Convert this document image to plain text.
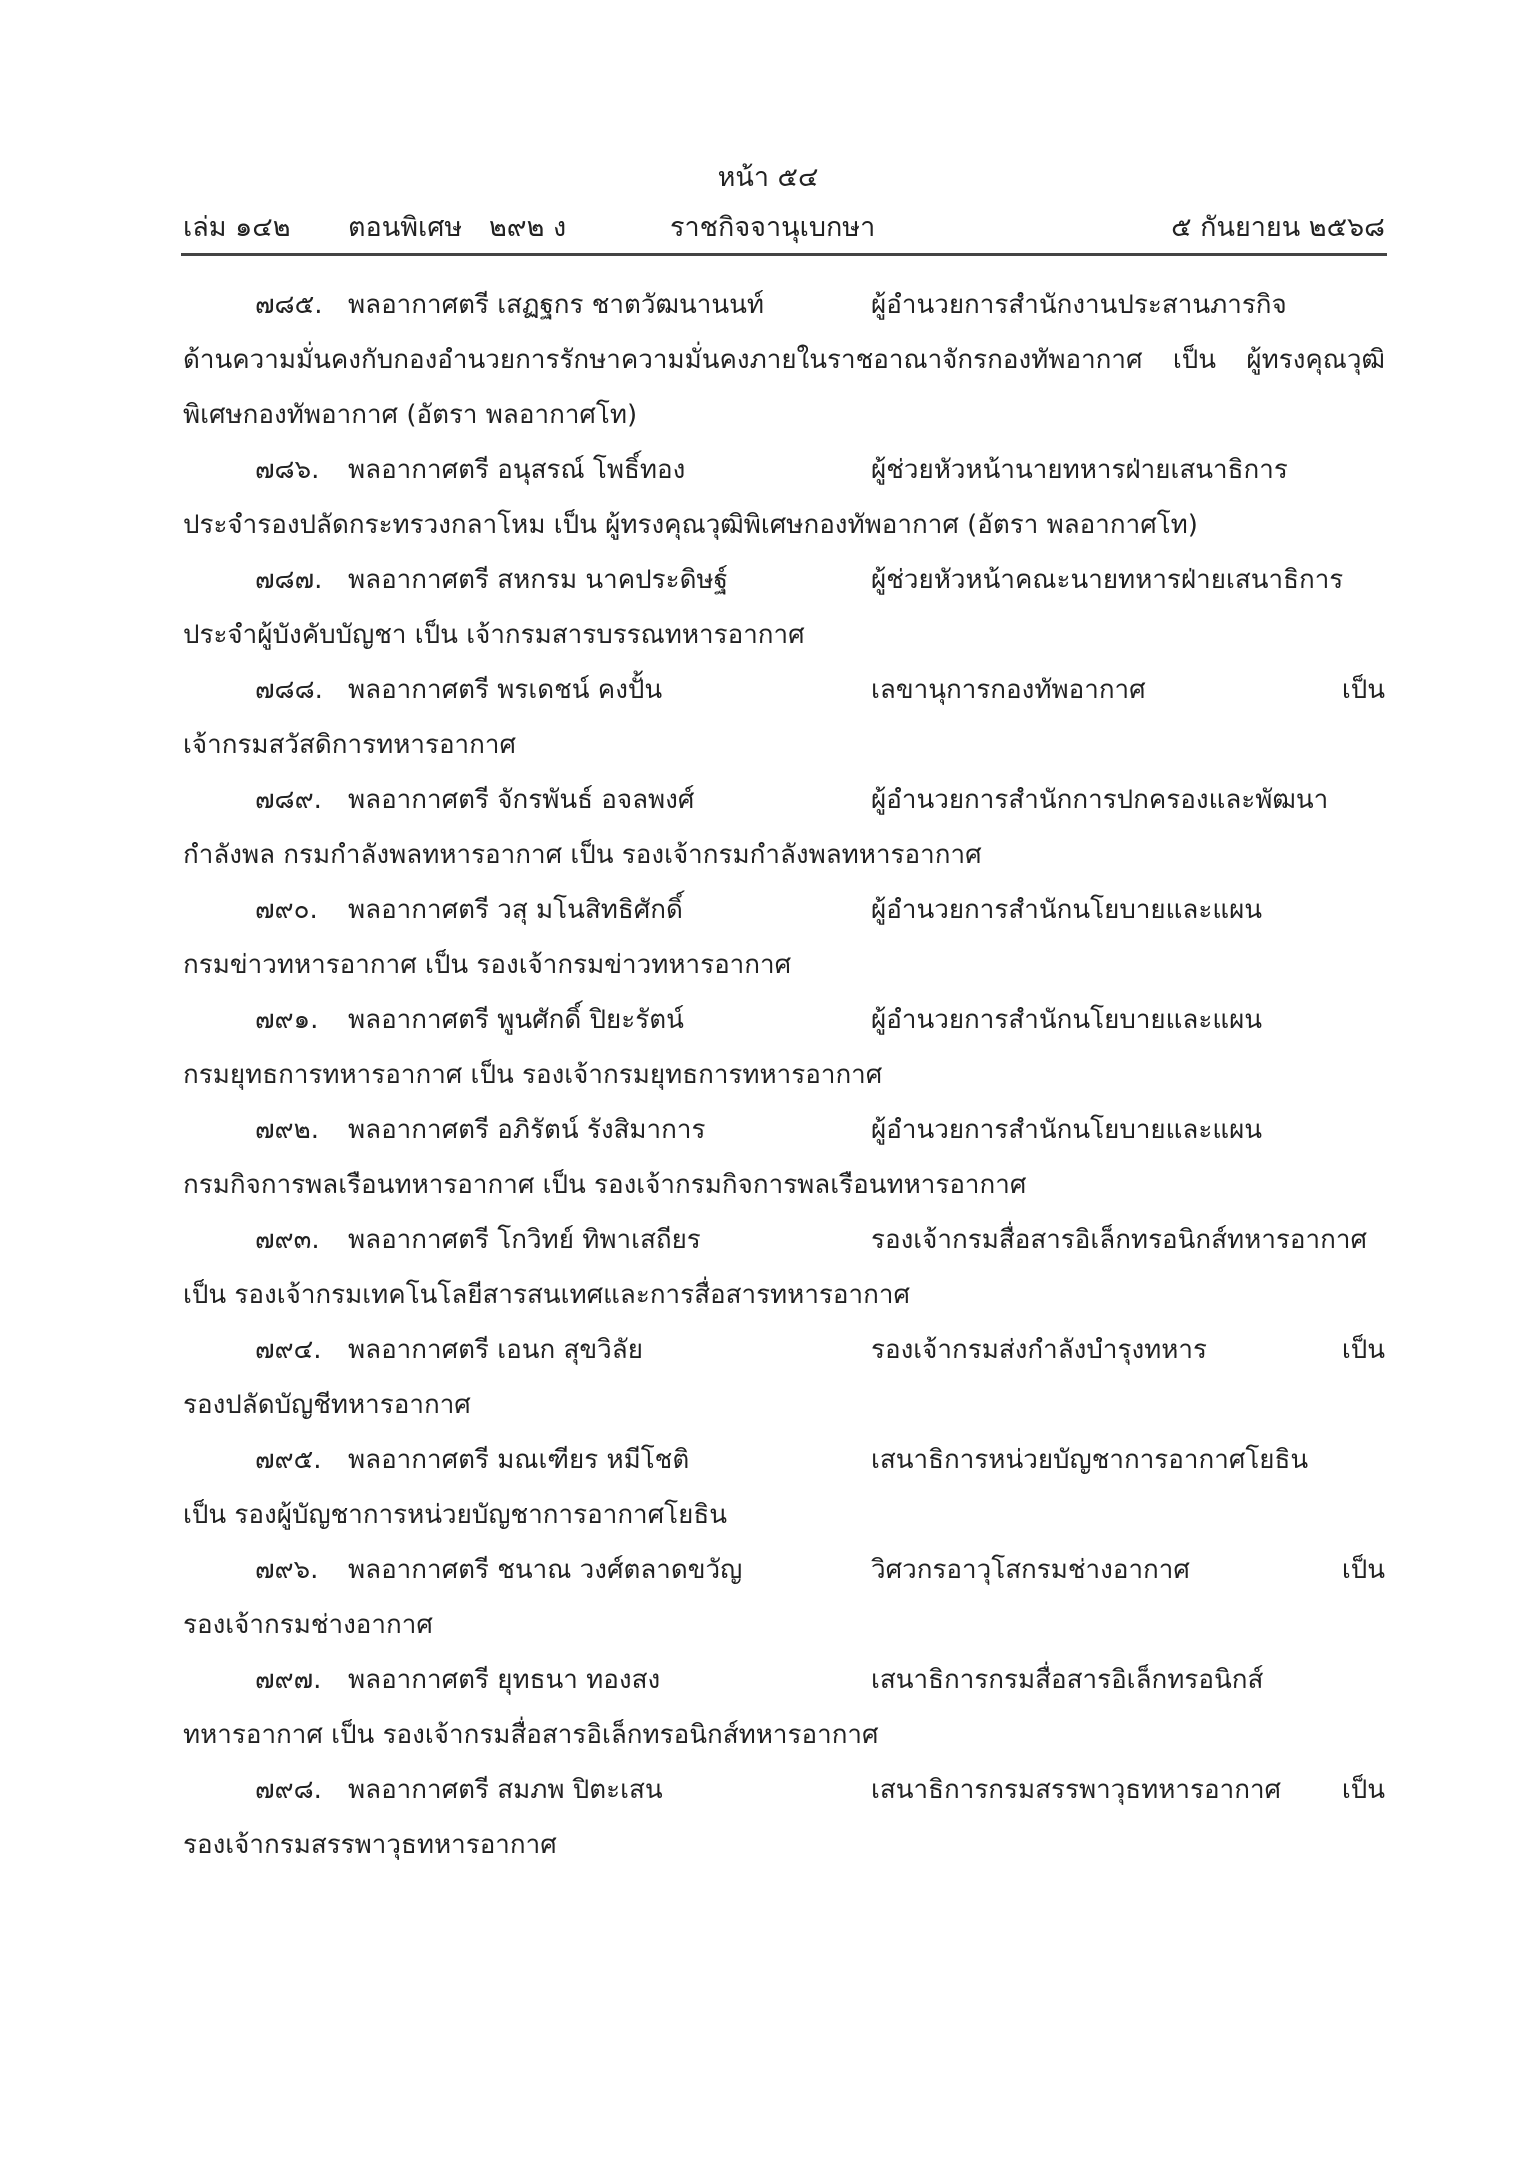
หน้า ๕๔
เล่ม ๑๔๒ ตอนพิเศษ ๒๙๒ ง	ราชกิจจานุเบกษา	๕ กันยายน ๒๕๖๘
๗๘๕. พลอากาศตรี เสฏฐกร ชาตวัฒนานนท์	ผู้อำนวยการสำนักงานประสานภารกิจ
ด้านความมั่นคงกับกองอำนวยการรักษาความมั่นคงภายในราชอาณาจักรกองทัพอากาศ เป็น ผู้ทรงคุณวุฒิพิเศษกองทัพอากาศ (อัตรา พลอากาศโท)
๗๘๖. พลอากาศตรี อนุสรณ์ โพธิ์ทอง	ผู้ช่วยหัวหน้านายทหารฝ่ายเสนาธิการ
ประจำรองปลัดกระทรวงกลาโหม เป็น ผู้ทรงคุณวุฒิพิเศษกองทัพอากาศ (อัตรา พลอากาศโท)
๗๘๗. พลอากาศตรี สหกรม นาคประดิษฐ์	ผู้ช่วยหัวหน้าคณะนายทหารฝ่ายเสนาธิการ
ประจำผู้บังคับบัญชา เป็น เจ้ากรมสารบรรณทหารอากาศ
๗๘๘. พลอากาศตรี พรเดชน์ คงปั้น	เลขานุการกองทัพอากาศ เป็น
เจ้ากรมสวัสดิการทหารอากาศ
๗๘๙. พลอากาศตรี จักรพันธ์ อจลพงศ์	ผู้อำนวยการสำนักการปกครองและพัฒนา
กำลังพล กรมกำลังพลทหารอากาศ เป็น รองเจ้ากรมกำลังพลทหารอากาศ
๗๙๐. พลอากาศตรี วสุ มโนสิทธิศักดิ์	ผู้อำนวยการสำนักนโยบายและแผน
กรมข่าวทหารอากาศ เป็น รองเจ้ากรมข่าวทหารอากาศ
๗๙๑. พลอากาศตรี พูนศักดิ์ ปิยะรัตน์	ผู้อำนวยการสำนักนโยบายและแผน
กรมยุทธการทหารอากาศ เป็น รองเจ้ากรมยุทธการทหารอากาศ
๗๙๒. พลอากาศตรี อภิรัตน์ รังสิมาการ	ผู้อำนวยการสำนักนโยบายและแผน
กรมกิจการพลเรือนทหารอากาศ เป็น รองเจ้ากรมกิจการพลเรือนทหารอากาศ
๗๙๓. พลอากาศตรี โกวิทย์ ทิพาเสถียร	รองเจ้ากรมสื่อสารอิเล็กทรอนิกส์ทหารอากาศ
เป็น รองเจ้ากรมเทคโนโลยีสารสนเทศและการสื่อสารทหารอากาศ
๗๙๔. พลอากาศตรี เอนก สุขวิลัย	รองเจ้ากรมส่งกำลังบำรุงทหาร เป็น
รองปลัดบัญชีทหารอากาศ
๗๙๕. พลอากาศตรี มณเฑียร หมีโชติ	เสนาธิการหน่วยบัญชาการอากาศโยธิน
เป็น รองผู้บัญชาการหน่วยบัญชาการอากาศโยธิน
๗๙๖. พลอากาศตรี ชนาณ วงศ์ตลาดขวัญ	วิศวกรอาวุโสกรมช่างอากาศ เป็น
รองเจ้ากรมช่างอากาศ
๗๙๗. พลอากาศตรี ยุทธนา ทองสง	เสนาธิการกรมสื่อสารอิเล็กทรอนิกส์
ทหารอากาศ เป็น รองเจ้ากรมสื่อสารอิเล็กทรอนิกส์ทหารอากาศ
๗๙๘. พลอากาศตรี สมภพ ปิตะเสน	เสนาธิการกรมสรรพาวุธทหารอากาศ เป็น
รองเจ้ากรมสรรพาวุธทหารอากาศ
